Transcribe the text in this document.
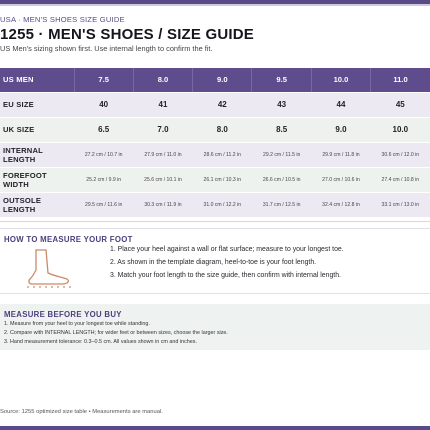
USA · MEN'S SHOES SIZE GUIDE
1255 · MEN'S SHOES / SIZE GUIDE
US Men's sizing shown first. Use internal length to confirm the fit.
US MEN	7.5	8.0	9.0	9.5	10.0	11.0
EU SIZE	40	41	42	43	44	45
UK SIZE	6.5	7.0	8.0	8.5	9.0	10.0
INTERNAL LENGTH	27.2 cm / 10.7 in	27.9 cm / 11.0 in	28.6 cm / 11.2 in	29.2 cm / 11.5 in	29.9 cm / 11.8 in	30.6 cm / 12.0 in
FOREFOOT WIDTH	25.2 cm / 9.9 in	25.6 cm / 10.1 in	26.1 cm / 10.3 in	26.6 cm / 10.5 in	27.0 cm / 10.6 in	27.4 cm / 10.8 in
OUTSOLE LENGTH	29.5 cm / 11.6 in	30.3 cm / 11.9 in	31.0 cm / 12.2 in	31.7 cm / 12.5 in	32.4 cm / 12.8 in	33.1 cm / 13.0 in
HOW TO MEASURE YOUR FOOT
1. Place your heel against a wall or flat surface; measure to your longest toe.
2. As shown in the template diagram, heel-to-toe is your foot length.
3. Match your foot length to the size guide, then confirm with internal length.
MEASURE BEFORE YOU BUY
1. Measure from your heel to your longest toe while standing.
2. Compare with INTERNAL LENGTH; for wider feet or between sizes, choose the larger size.
3. Hand measurement tolerance: 0.3–0.5 cm. All values shown in cm and inches.
Source: 1255 optimized size table • Measurements are manual.
